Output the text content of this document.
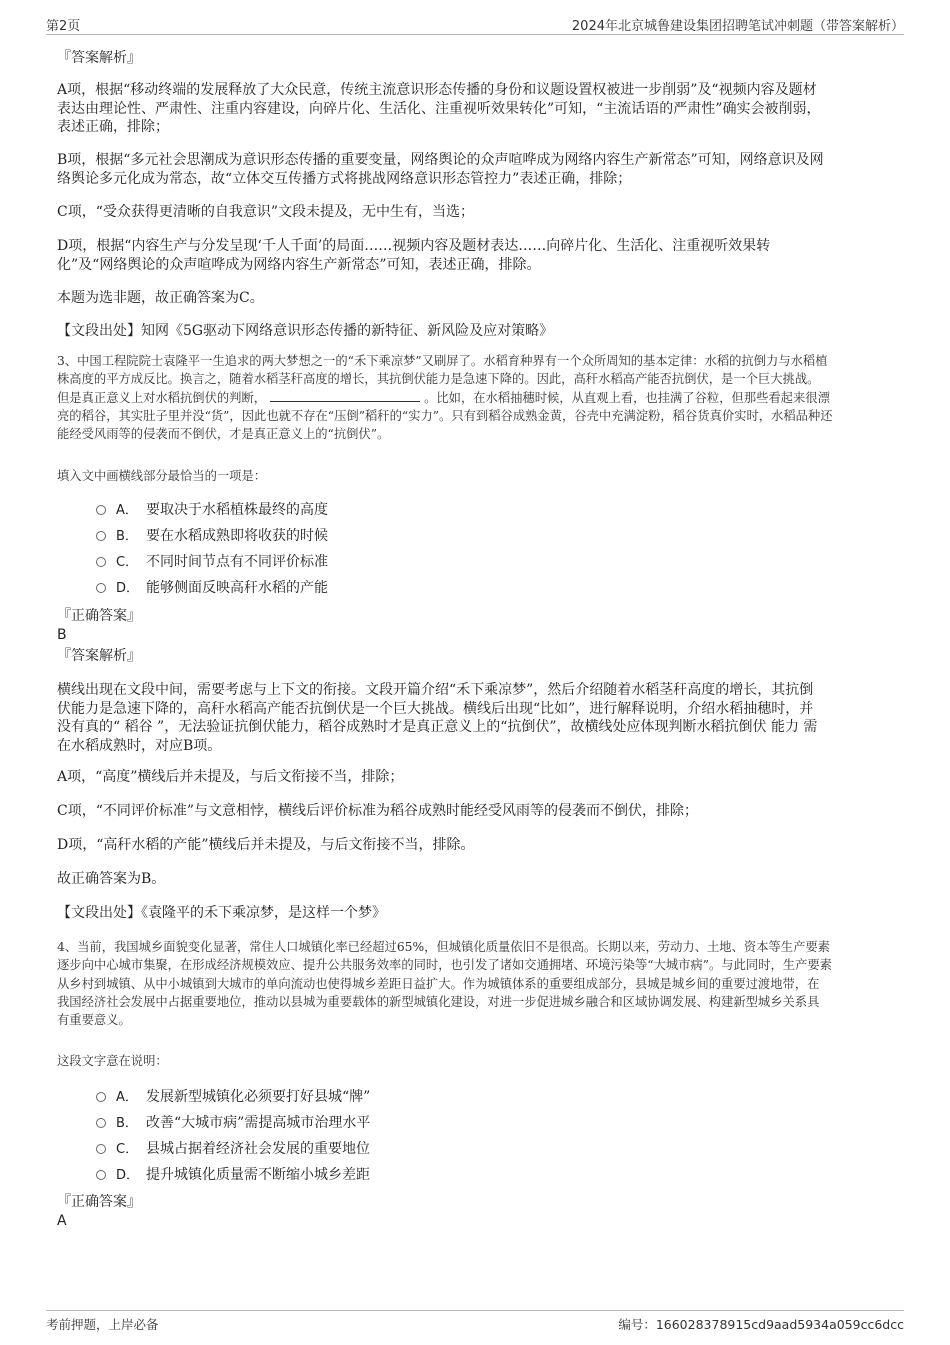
第2页	2024年北京城鲁建设集团招聘笔试冲刺题（带答案解析）
『答案解析』
A项，根据“移动终端的发展释放了大众民意，传统主流意识形态传播的身份和议题设置权被进一步削弱”及“视频内容及题材
表达由理论性、严肃性、注重内容建设，向碎片化、生活化、注重视听效果转化”可知，“主流话语的严肃性”确实会被削弱，
表述正确，排除；
B项，根据“多元社会思潮成为意识形态传播的重要变量，网络舆论的众声喧哗成为网络内容生产新常态”可知，网络意识及网
络舆论多元化成为常态，故“立体交互传播方式将挑战网络意识形态管控力”表述正确，排除；
C项，“受众获得更清晰的自我意识”文段未提及，无中生有，当选；
D项，根据“内容生产与分发呈现‘千人千面’的局面……视频内容及题材表达……向碎片化、生活化、注重视听效果转
化”及“网络舆论的众声喧哗成为网络内容生产新常态”可知，表述正确，排除。
本题为选非题，故正确答案为C。
【文段出处】知网《5G驱动下网络意识形态传播的新特征、新风险及应对策略》
3、中国工程院院士袁隆平一生追求的两大梦想之一的“禾下乘凉梦”又刷屏了。水稻育种界有一个众所周知的基本定律：水稻的抗倒力与水稻植
株高度的平方成反比。换言之，随着水稻茎秆高度的增长，其抗倒伏能力是急速下降的。因此，高秆水稻高产能否抗倒伏，是一个巨大挑战。
但是真正意义上对水稻抗倒伏的判断，	。比如，在水稻抽穗时候，从直观上看，也挂满了谷粒，但那些看起来很漂
亮的稻谷，其实肚子里并没“货”，因此也就不存在“压倒”稻秆的“实力”。只有到稻谷成熟金黄，谷壳中充满淀粉，稻谷货真价实时，水稻品种还
能经受风雨等的侵袭而不倒伏，才是真正意义上的“抗倒伏”。
填入文中画横线部分最恰当的一项是：
A． 要取决于水稻植株最终的高度
B． 要在水稻成熟即将收获的时候
C． 不同时间节点有不同评价标准
D． 能够侧面反映高秆水稻的产能
『正确答案』
B
『答案解析』
横线出现在文段中间，需要考虑与上下文的衔接。文段开篇介绍“禾下乘凉梦”，然后介绍随着水稻茎秆高度的增长，其抗倒
伏能力是急速下降的，高秆水稻高产能否抗倒伏是一个巨大挑战。横线后出现“比如”，进行解释说明，介绍水稻抽穗时，并
没有真的“ 稻谷 ”，无法验证抗倒伏能力，稻谷成熟时才是真正意义上的“抗倒伏”，故横线处应体现判断水稻抗倒伏 能力 需
在水稻成熟时，对应B项。
A项，“高度”横线后并未提及，与后文衔接不当，排除；
C项，“不同评价标准”与文意相悖，横线后评价标准为稻谷成熟时能经受风雨等的侵袭而不倒伏，排除；
D项，“高秆水稻的产能”横线后并未提及，与后文衔接不当，排除。
故正确答案为B。
【文段出处】《袁隆平的禾下乘凉梦，是这样一个梦》
4、当前，我国城乡面貌变化显著，常住人口城镇化率已经超过65%，但城镇化质量依旧不是很高。长期以来，劳动力、土地、资本等生产要素
逐步向中心城市集聚，在形成经济规模效应、提升公共服务效率的同时，也引发了诸如交通拥堵、环境污染等“大城市病”。与此同时，生产要素
从乡村到城镇、从中小城镇到大城市的单向流动也使得城乡差距日益扩大。作为城镇体系的重要组成部分，县城是城乡间的重要过渡地带，在
我国经济社会发展中占据重要地位，推动以县城为重要载体的新型城镇化建设，对进一步促进城乡融合和区域协调发展、构建新型城乡关系具
有重要意义。
这段文字意在说明：
A． 发展新型城镇化必须要打好县城“牌”
B． 改善“大城市病”需提高城市治理水平
C． 县城占据着经济社会发展的重要地位
D． 提升城镇化质量需不断缩小城乡差距
『正确答案』
A
考前押题，上岸必备	编号：166028378915cd9aad5934a059cc6dcc
